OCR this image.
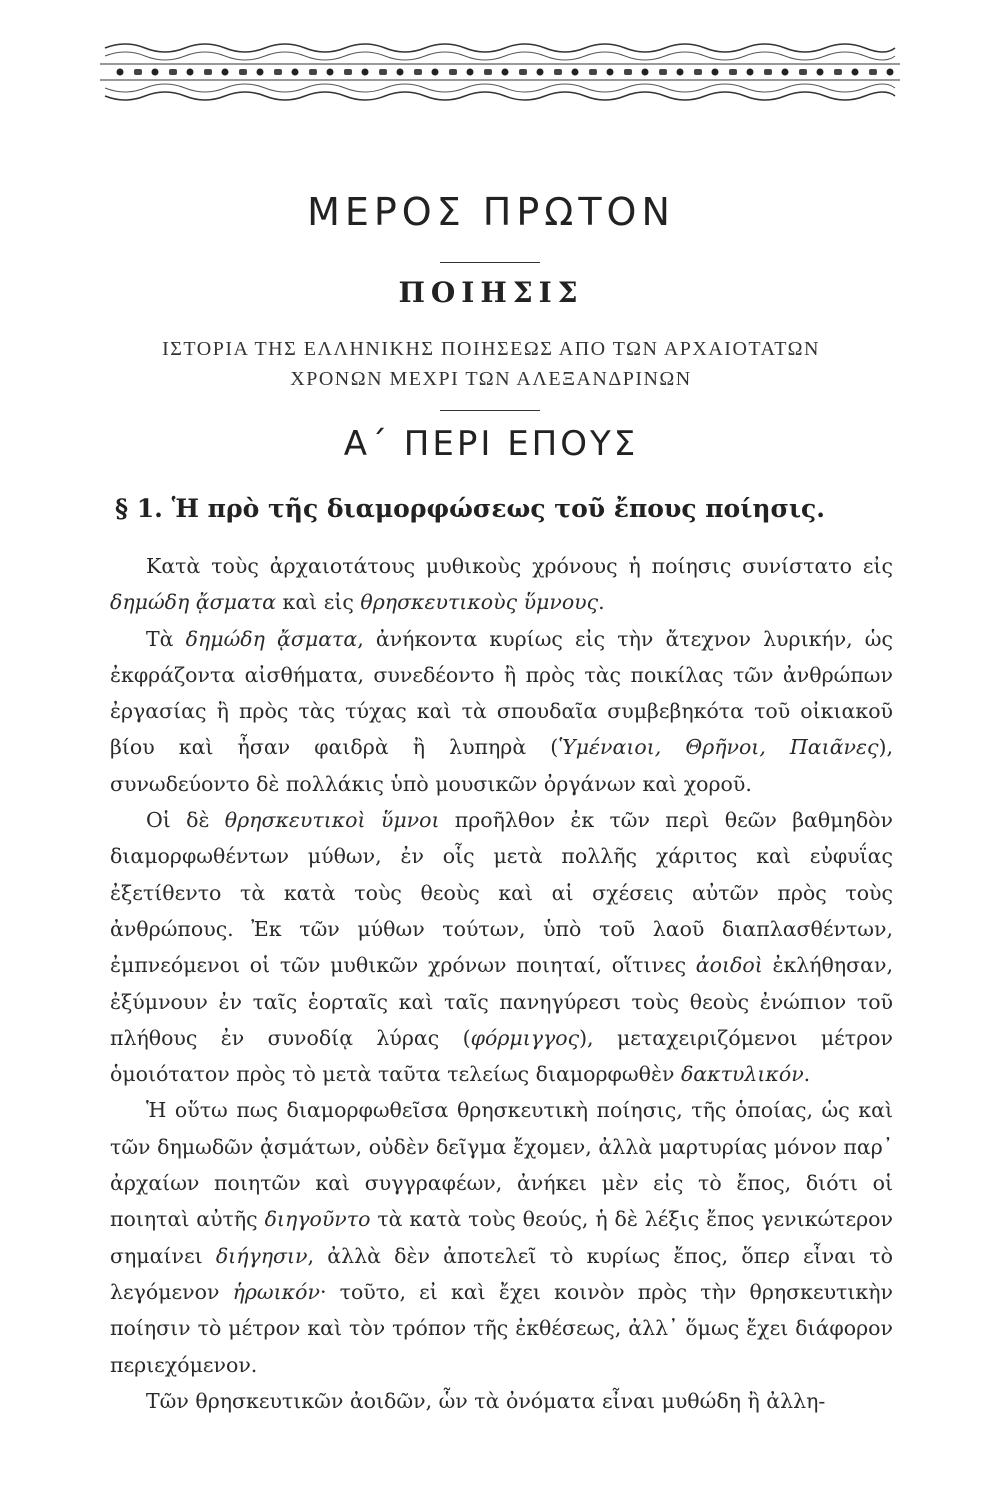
ΜΕΡΟΣ ΠΡΩΤΟΝ
ΠΟΙΗΣΙΣ
ΙΣΤΟΡΙΑ ΤΗΣ ΕΛΛΗΝΙΚΗΣ ΠΟΙΗΣΕΩΣ ΑΠΟ ΤΩΝ ΑΡΧΑΙΟΤΑΤΩΝ
ΧΡΟΝΩΝ ΜΕΧΡΙ ΤΩΝ ΑΛΕΞΑΝΔΡΙΝΩΝ
Α΄ ΠΕΡΙ ΕΠΟΥΣ
§ 1. Ἡ πρὸ τῆς διαμορφώσεως τοῦ ἔπους ποίησις.

Κατὰ τοὺς ἀρχαιοτάτους μυθικοὺς χρόνους ἡ ποίησις συνίστατο εἰς δημώδη ᾄσματα καὶ εἰς θρησκευτικοὺς ὕμνους.

Τὰ δημώδη ᾄσματα, ἀνήκοντα κυρίως εἰς τὴν ἄτεχνον λυρικήν, ὡς ἐκφράζοντα αἰσθήματα, συνεδέοντο ἢ πρὸς τὰς ποικίλας τῶν ἀνθρώπων ἐργασίας ἢ πρὸς τὰς τύχας καὶ τὰ σπουδαῖα συμβεβηκότα τοῦ οἰκιακοῦ βίου καὶ ἦσαν φαιδρὰ ἢ λυπηρὰ (Ὑμέναιοι, Θρῆνοι, Παιᾶνες), συνωδεύοντο δὲ πολλάκις ὑπὸ μουσικῶν ὀργάνων καὶ χοροῦ.

Οἱ δὲ θρησκευτικοὶ ὕμνοι προῆλθον ἐκ τῶν περὶ θεῶν βαθμηδὸν διαμορφωθέντων μύθων, ἐν οἷς μετὰ πολλῆς χάριτος καὶ εὐφυΐας ἐξετίθεντο τὰ κατὰ τοὺς θεοὺς καὶ αἱ σχέσεις αὐτῶν πρὸς τοὺς ἀνθρώπους. Ἐκ τῶν μύθων τούτων, ὑπὸ τοῦ λαοῦ διαπλασθέντων, ἐμπνεόμενοι οἱ τῶν μυθικῶν χρόνων ποιηταί, οἵτινες ἀοιδοὶ ἐκλήθησαν, ἐξύμνουν ἐν ταῖς ἑορταῖς καὶ ταῖς πανηγύρεσι τοὺς θεοὺς ἐνώπιον τοῦ πλήθους ἐν συνοδίᾳ λύρας (φόρμιγγος), μεταχειριζόμενοι μέτρον ὁμοιότατον πρὸς τὸ μετὰ ταῦτα τελείως διαμορφωθὲν δακτυλικόν.

Ἡ οὕτω πως διαμορφωθεῖσα θρησκευτικὴ ποίησις, τῆς ὁποίας, ὡς καὶ τῶν δημωδῶν ᾀσμάτων, οὐδὲν δεῖγμα ἔχομεν, ἀλλὰ μαρτυρίας μόνον παρ᾽ ἀρχαίων ποιητῶν καὶ συγγραφέων, ἀνήκει μὲν εἰς τὸ ἔπος, διότι οἱ ποιηταὶ αὐτῆς διηγοῦντο τὰ κατὰ τοὺς θεούς, ἡ δὲ λέξις ἔπος γενικώτερον σημαίνει διήγησιν, ἀλλὰ δὲν ἀποτελεῖ τὸ κυρίως ἔπος, ὅπερ εἶναι τὸ λεγόμενον ἡρωικόν· τοῦτο, εἰ καὶ ἔχει κοινὸν πρὸς τὴν θρησκευτικὴν ποίησιν τὸ μέτρον καὶ τὸν τρόπον τῆς ἐκθέσεως, ἀλλ᾽ ὅμως ἔχει διάφορον περιεχόμενον.

Τῶν θρησκευτικῶν ἀοιδῶν, ὧν τὰ ὀνόματα εἶναι μυθώδη ἢ ἀλλη-
